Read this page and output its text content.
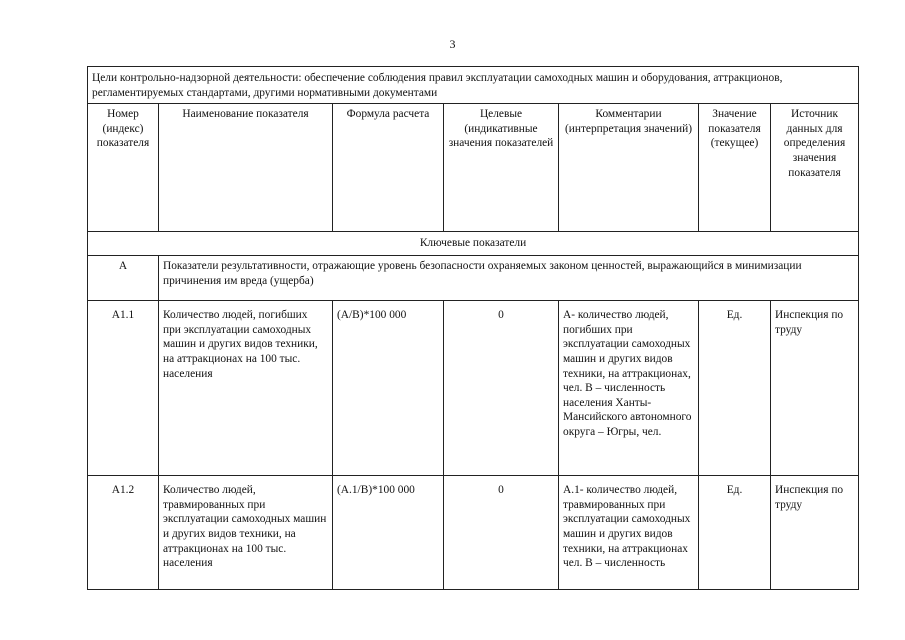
3
Цели контрольно-надзорной деятельности: обеспечение соблюдения правил эксплуатации самоходных машин и оборудования, аттракционов, регламентируемых стандартами, другими нормативными документами						
Номер (индекс) показателя	Наименование показателя	Формула расчета	Целевые (индикативные значения показателей	Комментарии (интерпретация значений)	Значение показателя (текущее)	Источник данных для определения значения показателя
Ключевые показатели						
А	Показатели результативности, отражающие уровень безопасности охраняемых законом ценностей, выражающийся в минимизации причинения им вреда (ущерба)					
А1.1	Количество людей, погибших при эксплуатации самоходных машин и других видов техники, на аттракционах на 100 тыс. населения	(А/В)*100 000	0	А- количество людей, погибших при эксплуатации самоходных машин и других видов техники, на аттракционах, чел. В – численность населения Ханты-Мансийского автономного округа – Югры, чел.	Ед.	Инспекция по труду
А1.2	Количество людей, травмированных при эксплуатации самоходных машин и других видов техники, на аттракционах на 100 тыс. населения	(А.1/В)*100 000	0	А.1- количество людей, травмированных при эксплуатации самоходных машин и других видов техники, на аттракционах чел. В – численность	Ед.	Инспекция по труду
